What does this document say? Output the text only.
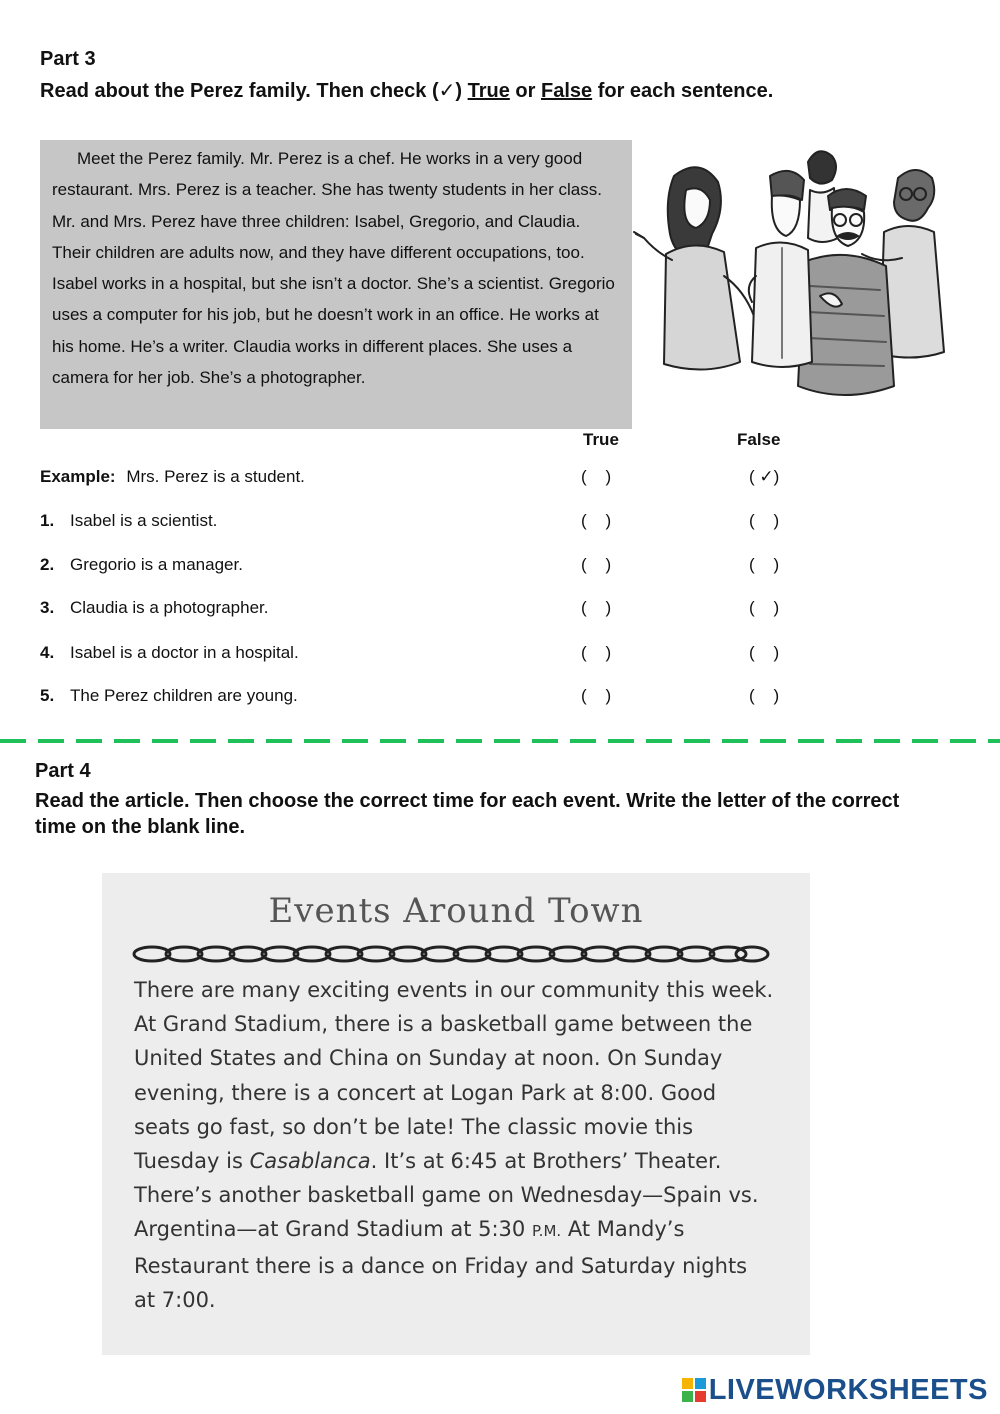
Part 3
Read about the Perez family. Then check (✓) True or False for each sentence.
Meet the Perez family. Mr. Perez is a chef. He works in a very good restaurant. Mrs. Perez is a teacher. She has twenty students in her class. Mr. and Mrs. Perez have three children: Isabel, Gregorio, and Claudia. Their children are adults now, and they have different occupations, too. Isabel works in a hospital, but she isn’t a doctor. She’s a scientist. Gregorio uses a computer for his job, but he doesn’t work in an office. He works at his home. He’s a writer. Claudia works in different places. She uses a camera for her job. She’s a photographer.
True	False
Example: Mrs. Perez is a student.	(    )	( ✓)
1. Isabel is a scientist.	(    )	(    )
2. Gregorio is a manager.	(    )	(    )
3. Claudia is a photographer.	(    )	(    )
4. Isabel is a doctor in a hospital.	(    )	(    )
5. The Perez children are young.	(    )	(    )
Part 4
Read the article. Then choose the correct time for each event. Write the letter of the correct time on the blank line.
Events Around Town
There are many exciting events in our community this week. At Grand Stadium, there is a basketball game between the United States and China on Sunday at noon. On Sunday evening, there is a concert at Logan Park at 8:00. Good seats go fast, so don’t be late! The classic movie this Tuesday is Casablanca. It’s at 6:45 at Brothers’ Theater. There’s another basketball game on Wednesday—Spain vs. Argentina—at Grand Stadium at 5:30 P.M. At Mandy’s Restaurant there is a dance on Friday and Saturday nights at 7:00.
LIVEWORKSHEETS
